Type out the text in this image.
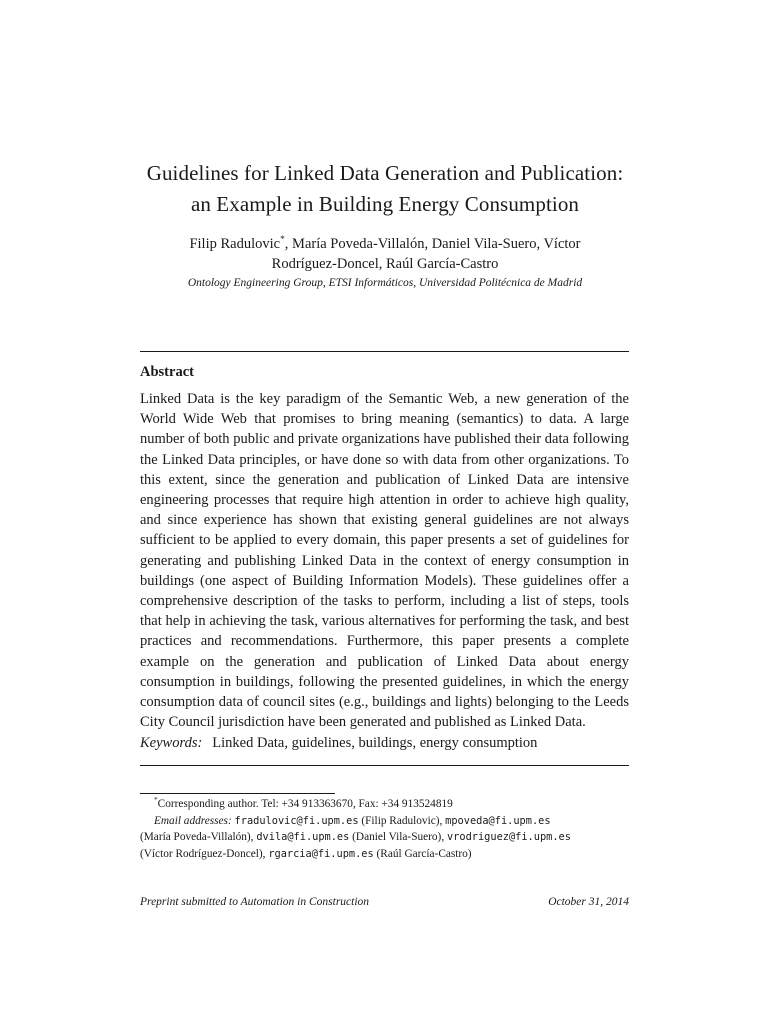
Guidelines for Linked Data Generation and Publication:
an Example in Building Energy Consumption
Filip Radulovic*, María Poveda-Villalón, Daniel Vila-Suero, Víctor
Rodríguez-Doncel, Raúl García-Castro
Ontology Engineering Group, ETSI Informáticos, Universidad Politécnica de Madrid
Abstract
Linked Data is the key paradigm of the Semantic Web, a new generation of the World Wide Web that promises to bring meaning (semantics) to data. A large number of both public and private organizations have published their data following the Linked Data principles, or have done so with data from other organizations. To this extent, since the generation and publication of Linked Data are intensive engineering processes that require high attention in order to achieve high quality, and since experience has shown that existing general guidelines are not always sufficient to be applied to every domain, this paper presents a set of guidelines for generating and publishing Linked Data in the context of energy consumption in buildings (one aspect of Building Information Models). These guidelines offer a comprehensive description of the tasks to perform, including a list of steps, tools that help in achieving the task, various alternatives for performing the task, and best practices and recommendations. Furthermore, this paper presents a complete example on the generation and publication of Linked Data about energy consumption in buildings, following the presented guidelines, in which the energy consumption data of council sites (e.g., buildings and lights) belonging to the Leeds City Council jurisdiction have been generated and published as Linked Data.
Keywords: Linked Data, guidelines, buildings, energy consumption
*Corresponding author. Tel: +34 913363670, Fax: +34 913524819
Email addresses: fradulovic@fi.upm.es (Filip Radulovic), mpoveda@fi.upm.es
(María Poveda-Villalón), dvila@fi.upm.es (Daniel Vila-Suero), vrodriguez@fi.upm.es
(Víctor Rodríguez-Doncel), rgarcia@fi.upm.es (Raúl García-Castro)
Preprint submitted to Automation in Construction	October 31, 2014
